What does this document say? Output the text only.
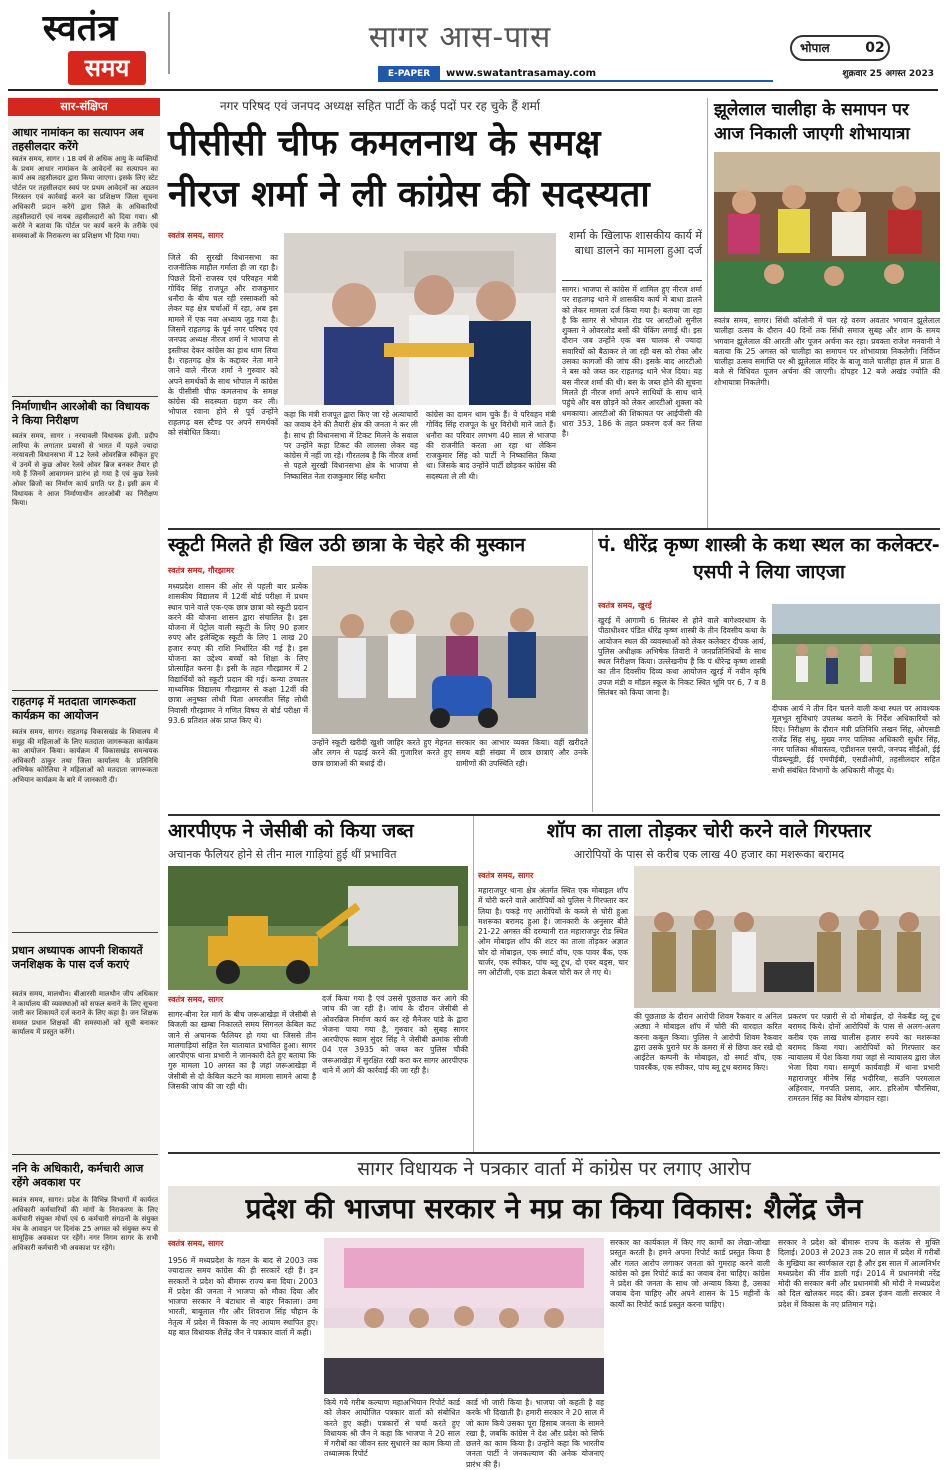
स्वतंत्र
समय
सागर आस-पास
E-PAPER	www.swatantrasamay.com
भोपाल	02
शुक्रवार 25 अगस्त 2023
सार-संक्षिप्त
आधार नामांकन का सत्यापन अब तहसीलदार करेंगे
स्वतंत्र समय, सागर । 18 वर्ष से अधिक आयु के व्यक्तियों के प्रथम आधार नामांकन के आवेदनों का सत्यापन का कार्य अब तहसीलदार द्वारा किया जाएगा। इसके लिए स्टेट पोर्टल पर तहसीलदार स्वयं पर प्रथम आवेदनों का अद्यतन निरस्तन एवं कार्रवाई करने का प्रशिक्षण जिला सूचना अधिकारी प्रदान करेंगे द्वारा जिले के अधिकारियों तहसीलदारों एवं नायब तहसीलदारों को दिया गया। श्री करोरे ने बताया कि पोर्टल पर कार्य करने के तरीके एवं समस्याओं के निराकरण का प्रशिक्षण भी दिया गया।
निर्माणाधीन आरओबी का विधायक ने किया निरीक्षण
स्वतंत्र समय, सागर । नरयावली विधायक इंजी. प्रदीप लारिया के लगातार प्रयासों से भारत में पहले ज्यादा नरयावली विधानसभा में 12 रेलवे ओवरब्रिज स्वीकृत हुए थे उनमें से कुछ ओवर रेलवे ओवर ब्रिज बनकर तैयार हो गये हैं जिनमें आवागमन प्रारंभ हो गया है एवं कुछ रेलवे ओवर ब्रिजों का निर्माण कार्य प्रगति पर है। इसी क्रम में विधायक ने आज निर्माणाधीन आरओबी का निरीक्षण किया।
राहतगढ़ में मतदाता जागरूकता कार्यक्रम का आयोजन
स्वतंत्र समय, सागर। राहतगढ़ विकासखंड के शिवालय में समूह की महिलाओं के लिए मतदाता जागरूकता कार्यक्रम का आयोजन किया। कार्यक्रम में विकासखंड समन्वयक अधिकारी ठाकुर तथा जिला कार्यालय के प्रतिनिधि अभिषेक कोरेलिया ने महिलाओं को मतदाता जागरूकता अभियान कार्यक्रम के बारे में जानकारी दी।
प्रधान अध्यापक आपनी शिकायतें जनशिक्षक के पास दर्ज कराएं
स्वतंत्र समय, मालथौन। बीआरसी मालथौन जीप अधिकार ने कार्यालय की व्यवस्थाओं को सफल बनाने के लिए सूचना जारी कर शिकायतें दर्ज कराने के लिए कहा है। जन शिक्षक समस्त प्रधान शिक्षकों की समस्याओं को सूची बनाकर कार्यालय में प्रस्तुत करेंगे।
ननि के अधिकारी, कर्मचारी आज रहेंगे अवकाश पर
स्वतंत्र समय, सागर। प्रदेश के विभिन्न विभागों में कार्यरत अधिकारी कर्मचारियों की मांगों के निराकरण के लिए कर्मचारी संयुक्त मोर्चा एवं 6 कर्मचारी संगठनों के संयुक्त मंच के आवाहन पर दिनांक 25 अगस्त को संयुक्त रूप से सामूहिक अवकाश पर रहेंगे। नगर निगम सागर के सभी अधिकारी कर्मचारी भी अवकाश पर रहेंगे।
नगर परिषद एवं जनपद अध्यक्ष सहित पार्टी के कई पदों पर रह चुके हैं शर्मा
पीसीसी चीफ कमलनाथ के समक्ष
नीरज शर्मा ने ली कांग्रेस की सदस्यता
स्वतंत्र समय, सागर
जिले की सुरखी विधानसभा का राजनीतिक माहौल गर्माता ही जा रहा है। पिछले दिनों राजस्व एवं परिवहन मंत्री गोविंद सिंह राजपूत और राजकुमार धनौरा के बीच चल रही रस्साकशी को लेकर यह क्षेत्र चर्चाओं में रहा, अब इस मामले में एक नया अध्याय जुड़ गया है। जिसमें राहतगढ़ के पूर्व नगर परिषद एवं जनपद अध्यक्ष नीरज शर्मा ने भाजपा से इस्तीफा देकर कांग्रेस का हाथ थाम लिया है। राहतगढ़ क्षेत्र के कद्दावर नेता माने जाने वाले नीरज शर्मा ने गुरुवार को अपने समर्थकों के साथ भोपाल में कांग्रेस के पीसीसी चीफ कमलनाथ के समक्ष कांग्रेस की सदस्यता ग्रहण कर ली। भोपाल रवाना होने से पूर्व उन्होंने राहतगढ़ बस स्टैण्ड पर अपने समर्थकों को संबोधित किया।
कहा कि मंत्री राजपूत द्वारा किए जा रहे अत्याचारों का जवाब देने की तैयारी क्षेत्र की जनता ने कर ली है। साथ ही विधानसभा में टिकट मिलने के सवाल पर उन्होंने कहा टिकट की लालसा लेकर वह कांग्रेस में नहीं जा रहे। गौरतलब है कि नीरज शर्मा से पहले सुरखी विधानसभा क्षेत्र के भाजपा से निष्कासित नेता राजकुमार सिंह धनौरा
कांग्रेस का दामन थाम चुके हैं। वे परिवहन मंत्री गोविंद सिंह राजपूत के धुर विरोधी माने जाते हैं। धनौरा का परिवार लगभग 40 साल से भाजपा की राजनीति करता आ रहा था लेकिन राजकुमार सिंह को पार्टी ने निष्कासित किया था। जिसके बाद उन्होंने पार्टी छोड़कर कांग्रेस की सदस्यता ले ली थी।
शर्मा के खिलाफ शासकीय कार्य में बाधा डालने का मामला हुआ दर्ज
सागर। भाजपा से कांग्रेस में शामिल हुए नीरज शर्मा पर राहतगढ़ थाने में शासकीय कार्य में बाधा डालने को लेकर मामला दर्ज किया गया है। बताया जा रहा है कि सागर से भोपाल रोड पर आरटीओ सुनील शुक्ला ने ओवरलोड बसों की चेकिंग लगाई थी। इस दौरान जब उन्होंने एक बस चालक से ज्यादा सवारियों को बैठाकर ले जा रही बस को रोका और उसका कागजों की जांच की। इसके बाद आरटीओ ने बस को जब्त कर राहतगढ़ थाने भेज दिया। यह बस नीरज शर्मा की थी। बस के जब्त होने की सूचना मिलते ही नीरज शर्मा अपने साथियों के साथ थाने पहुंचे और बस छोड़ने को लेकर आरटीओ शुक्ला को धमकाया। आरटीओ की शिकायत पर आईपीसी की धारा 353, 186 के तहत प्रकरण दर्ज कर लिया है।
झूलेलाल चालीहा के समापन पर आज निकाली जाएगी शोभायात्रा
स्वतंत्र समय, सागर। सिंधी कॉलोनी में चल रहे वरुण अवतार भगवान झूलेलाल चालीहा उत्सव के दौरान 40 दिनों तक सिंधी समाज सुबह और शाम के समय भगवान झूलेलाल की आरती और पूजन अर्चना कर रहा। प्रवक्ता राजेश मनवानी ने बताया कि 25 अगस्त को चालीहा का समापन पर शोभायात्रा निकलेगी। निर्विघ्न चालीहा उत्सव समाप्ति पर श्री झूलेलाल मंदिर के बाजू वाले चालीहा हाल में प्रातः 8 बजे से विधिवत पूजन अर्चना की जाएगी। दोपहर 12 बजे अखंड ज्योति की शोभायात्रा निकलेगी।
स्कूटी मिलते ही खिल उठी छात्रा के चेहरे की मुस्कान
स्वतंत्र समय, गौरझामर
मध्यप्रदेश शासन की ओर से पहली बार प्रत्येक शासकीय विद्यालय में 12वीं बोर्ड परीक्षा में प्रथम स्थान पाने वाले एक-एक छात्र छात्रा को स्कूटी प्रदान करने की योजना शासन द्वारा संचालित है। इस योजना में पेट्रोल वाली स्कूटी के लिए 90 हजार रुपए और इलेक्ट्रिक स्कूटी के लिए 1 लाख 20 हजार रुपए की राशि निर्धारित की गई है। इस योजना का उद्देश्य बच्चों को शिक्षा के लिए प्रोत्साहित करना है। इसी के तहत गौरझामर में 2 विद्यार्थियों को स्कूटी प्रदान की गई। कन्या उच्चतर माध्यमिक विद्यालय गौरझामर से कक्षा 12वीं की छात्रा अनुष्का लोधी पिता अमरजीत सिंह लोधी निवासी गौरझामर ने गणित विषय से बोर्ड परीक्षा में 93.6 प्रतिशत अंक प्राप्त किए थे।
उन्होंने स्कूटी खरीदी खुशी जाहिर करते हुए मेहनत और लगन से पढ़ाई करने की गुजारिश करते हुए छात्र छात्राओं की बधाई दी।
सरकार का आभार व्यक्त किया। वहीं खरीदते समय बड़ी संख्या में छात्र छात्राएं और उनके ग्रामीणों की उपस्थिति रही।
पं. धीरेंद्र कृष्ण शास्त्री के कथा स्थल का कलेक्टर-एसपी ने लिया जाएजा
स्वतंत्र समय, खुरई
खुरई में आगामी 6 सितंबर से होने वाले बागेश्वरधाम के पीठाधीश्वर पंडित धीरेंद्र कृष्ण शास्त्री के तीन दिवसीय कथा के आयोजन स्थल की व्यवस्थाओं को लेकर कलेक्टर दीपक आर्य, पुलिस अधीक्षक अभिषेक तिवारी ने जनप्रतिनिधियों के साथ स्थल निरीक्षण किया। उल्लेखनीय है कि पं धीरेन्द्र कृष्ण शास्त्री का तीन दिवसीय दिव्य कथा आयोजन खुरई में नवीन कृषि उपज मंडी व मॉडल स्कूल के निकट स्थित भूमि पर 6, 7 व 8 सितंबर को किया जाना है।
दीपक आर्य ने तीन दिन चलने वाली कथा स्थल पर आवश्यक मूलभूत सुविधाएं उपलब्ध कराने के निर्देश अधिकारियों को दिए। निरीक्षण के दौरान मंत्री प्रतिनिधि लखन सिंह, ओएसडी राजेंद्र सिंह संधू, मुख्य नगर पालिका अधिकारी सुधीर सिंह, नगर पालिका श्रीवास्तव, एडीशनल एसपी, जनपद सीईओ, ईई पीडब्ल्यूडी, ईई एमपीईबी, एसडीओपी, तहसीलदार सहित सभी संबंधित विभागों के अधिकारी मौजूद थे।
आरपीएफ ने जेसीबी को किया जब्त
अचानक फैलियर होने से तीन माल गाड़ियां हुई थीं प्रभावित
स्वतंत्र समय, सागर
सागर-बीना रेल मार्ग के बीच जरूआखेड़ा में जेसीबी से बिजली का खम्बा निकालते समय सिगनल केबिल कट जाने से अचानक फैलियर हो गया था जिससे तीन मालगाड़ियां सहित रेल यातायात प्रभावित हुआ। सागर आरपीएफ थाना प्रभारी ने जानकारी देते हुए बताया कि गुरु मामला 10 अगस्त का है जहां जरूआखेड़ा में जेसीबी से दो केबिल कटने का मामला सामने आया है जिसकी जांच की जा रही थी।
दर्ज किया गया है एवं उससे पूछताछ कर आगे की जांच की जा रही है। जांच के दौरान जेसीबी से ओवरब्रिज निर्माण कार्य कर रहे मैनेजर पांडे के द्वारा भेजना पाया गया है, गुरुवार को सुबह सागर आरपीएफ स्वाम सुंदर सिंह ने जेसीबी क्रमांक सीजी 04 एल 3935 को जब्त कर पुलिस चौकी जरूआखेड़ा में सुरक्षित रखी करा कर सागर आरपीएफ थाने में आगे की कार्रवाई की जा रही है।
शॉप का ताला तोड़कर चोरी करने वाले गिरफ्तार
आरोपियों के पास से करीब एक लाख 40 हजार का मशरूका बरामद
स्वतंत्र समय, सागर
महाराजपुर थाना क्षेत्र अंतर्गत स्थित एक मोबाइल शॉप में चोरी करने वाले आरोपियों को पुलिस ने गिरफ्तार कर लिया है। पकड़े गए आरोपियों के कब्जे से चोरी हुआ मशरूका बरामद हुआ है। जानकारी के अनुसार बीते 21-22 अगस्त की दरम्यानी रात महाराजपुर रोड स्थित ओम मोबाइल शॉप की शटर का ताला तोड़कर अज्ञात चोर दो मोबाइल, एक स्मार्ट वॉच, एक पावर बैंक, एक चार्जर, एक स्पीकर, पांच ब्लू टूथ, दो एयर बड्स, चार नग ओटीजी, एक डाटा केबल चोरी कर ले गए थे।
की पूछताछ के दौरान आरोपी शिवम रैकवार व अनिल अठ्या ने मोबाइल शॉप में चोरी की वारदात करित करना कबूल किया। पुलिस ने आरोपी शिवम रैकवार द्वारा उसके पुराने घर के कमरा में से छिपा कर रखे दो आईटेल कम्पनी के मोबाइल, दो स्मार्ट वॉच, एक पावरबैंक, एक स्पीकर, पांच ब्लू टूथ बरामद किए।
प्रकरण पर पन्नारी से दो मोबाईल, दो नेकबैंड व्लू टूथ बरामद किये। दोनों आरोपियों के पास से अलग-अलग करीब एक लाख चालीस हजार रुपये का मशरूका बरामद किया गया। आरोपियों को गिरफ्तार कर न्यायालय में पेश किया गया जहां से न्यायालय द्वारा जेल भेजा दिया गया। सम्पूर्ण कार्यवाही में थाना प्रभारी महाराजपुर मीनेष सिंह भदौरिया, सउनि परमलाल अहिरवार, गनपति प्रसाद, आर. हरिओम चौरसिया, रामरतन सिंह का विशेष योगदान रहा।
सागर विधायक ने पत्रकार वार्ता में कांग्रेस पर लगाए आरोप
प्रदेश की भाजपा सरकार ने मप्र का किया विकास: शैलेंद्र जैन
स्वतंत्र समय, सागर
1956 में मध्यप्रदेश के गठन के बाद से 2003 तक ज्यादातर समय कांग्रेस की ही सरकारें रही हैं। इन सरकारों ने प्रदेश को बीमारू राज्य बना दिया। 2003 में प्रदेश की जनता ने भाजपा को मौका दिया और भाजपा सरकार ने बंटाधार से बाहर निकाला। उमा भारती, बाबूलाल गौर और शिवराज सिंह चौहान के नेतृत्व में प्रदेश में विकास के नए आयाम स्थापित हुए। यह बात विधायक शैलेंद्र जैन ने पत्रकार वार्ता में कही।
किये गये गरीब कल्याण महाअभियान रिपोर्ट कार्ड को लेकर आयोजित पत्रकार वार्ता को संबोधित करते हुए कही। पत्रकारों से चर्चा करते हुए विधायक श्री जैन ने कहा कि भाजपा ने 20 साल में गरीबों का जीवन स्तर सुधारने का काम किया तो तथ्यात्मक रिपोर्ट
कार्ड भी जारी किया है। भाजपा जो कहती है वह करके भी दिखाती है। हमारी सरकार ने 20 साल में जो काम किये उसका पूरा हिसाब जनता के सामने रखा है, जबकि कांग्रेस ने देश और प्रदेश को सिर्फ छलने का काम किया है। उन्होंने कहा कि भारतीय जनता पार्टी ने जनकल्याण की अनेक योजनाएं प्रारंभ की हैं।
सरकार का कार्यकाल में किए गए कामों का लेखा-जोखा प्रस्तुत करती है। हमने अपना रिपोर्ट कार्ड प्रस्तुत किया है और गलत आरोप लगाकर जनता को गुमराह करने वाली कांग्रेस को इस रिपोर्ट कार्ड का जवाब देना चाहिए। कांग्रेस ने प्रदेश की जनता के साथ जो अन्याय किया है, उसका जवाब देना चाहिए और अपने शासन के 15 महीनों के कार्यों का रिपोर्ट कार्ड प्रस्तुत करना चाहिए।
सरकार ने प्रदेश को बीमारू राज्य के कलंक से मुक्ति दिलाई। 2003 से 2023 तक 20 साल में प्रदेश में गरीबों के मुखिया का स्वर्णकाल रहा है और इस साल में आत्मनिर्भर मध्यप्रदेश की नींव डाली गई। 2014 में प्रधानमंत्री नरेंद्र मोदी की सरकार बनी और प्रधानमंत्री श्री मोदी ने मध्यप्रदेश को दिल खोलकर मदद की। डबल इंजन वाली सरकार ने प्रदेश में विकास के नए प्रतिमान गढ़े।
